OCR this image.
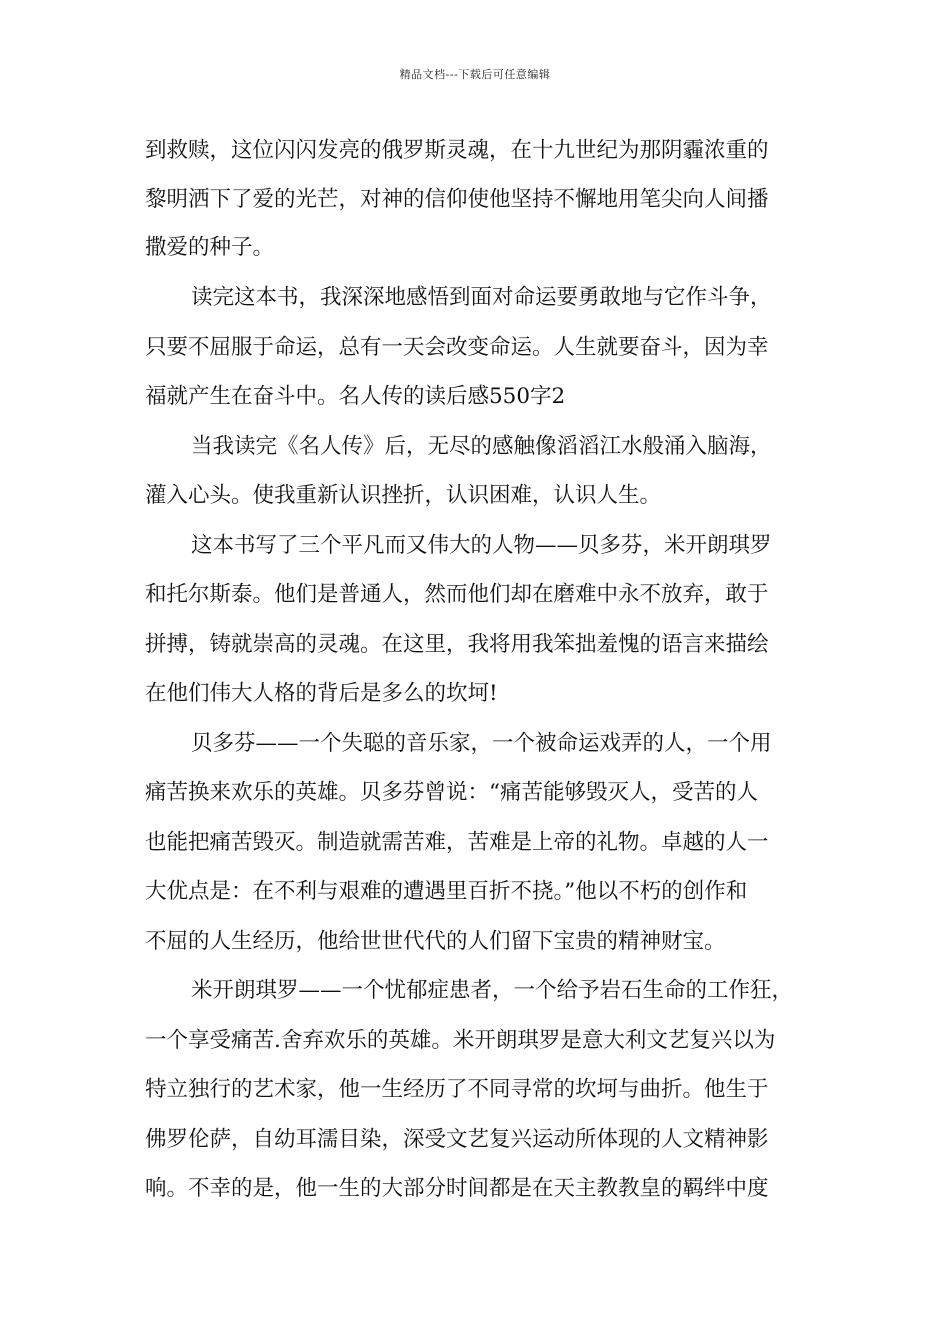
精品文档---下载后可任意编辑
到救赎，这位闪闪发亮的俄罗斯灵魂，在十九世纪为那阴霾浓重的
黎明洒下了爱的光芒，对神的信仰使他坚持不懈地用笔尖向人间播
撒爱的种子。
读完这本书，我深深地感悟到面对命运要勇敢地与它作斗争，
只要不屈服于命运，总有一天会改变命运。人生就要奋斗，因为幸
福就产生在奋斗中。名人传的读后感550字2
当我读完《名人传》后，无尽的感触像滔滔江水般涌入脑海，
灌入心头。使我重新认识挫折，认识困难，认识人生。
这本书写了三个平凡而又伟大的人物——贝多芬，米开朗琪罗
和托尔斯泰。他们是普通人，然而他们却在磨难中永不放弃，敢于
拼搏，铸就崇高的灵魂。在这里，我将用我笨拙羞愧的语言来描绘
在他们伟大人格的背后是多么的坎坷!
贝多芬——一个失聪的音乐家，一个被命运戏弄的人，一个用
痛苦换来欢乐的英雄。贝多芬曾说：“痛苦能够毁灭人，受苦的人
也能把痛苦毁灭。制造就需苦难，苦难是上帝的礼物。卓越的人一
大优点是：在不利与艰难的遭遇里百折不挠。”他以不朽的创作和
不屈的人生经历，他给世世代代的人们留下宝贵的精神财宝。
米开朗琪罗——一个忧郁症患者，一个给予岩石生命的工作狂，
一个享受痛苦.舍弃欢乐的英雄。米开朗琪罗是意大利文艺复兴以为
特立独行的艺术家，他一生经历了不同寻常的坎坷与曲折。他生于
佛罗伦萨，自幼耳濡目染，深受文艺复兴运动所体现的人文精神影
响。不幸的是，他一生的大部分时间都是在天主教教皇的羁绊中度
